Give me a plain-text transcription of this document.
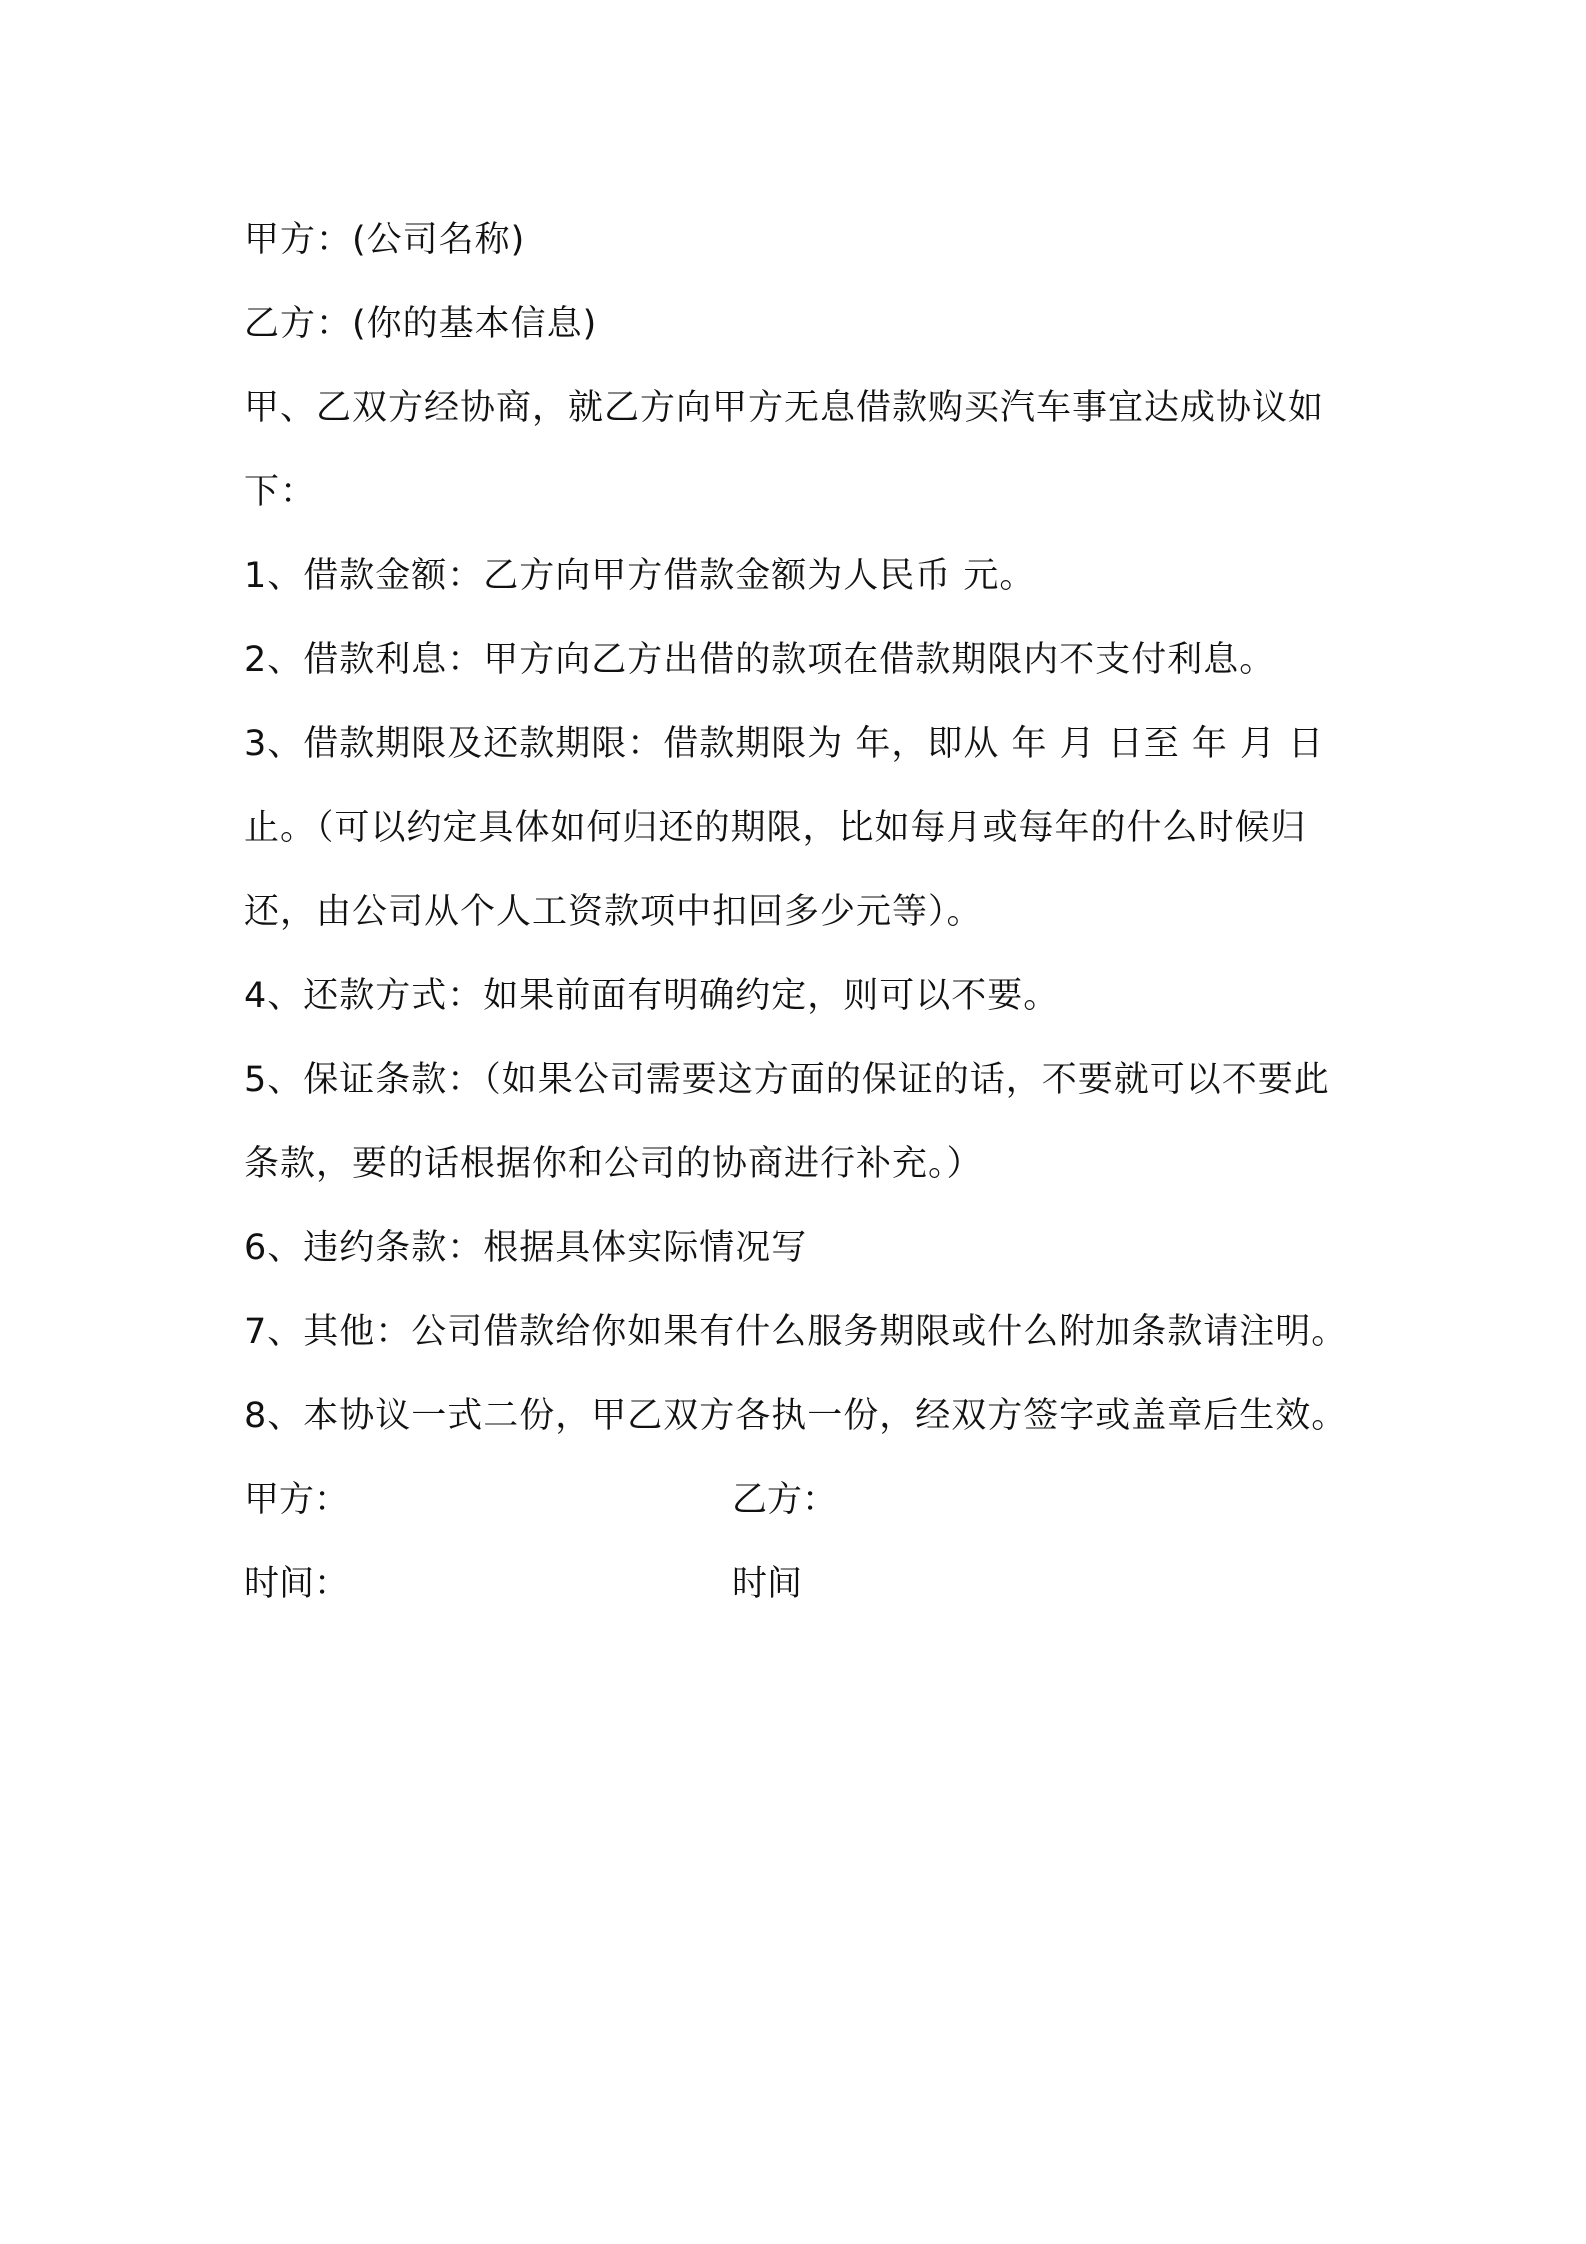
甲方：(公司名称)
乙方：(你的基本信息)
甲、乙双方经协商，就乙方向甲方无息借款购买汽车事宜达成协议如下：
1、借款金额：乙方向甲方借款金额为人民币 元。
2、借款利息：甲方向乙方出借的款项在借款期限内不支付利息。
3、借款期限及还款期限：借款期限为 年，即从 年 月 日至 年 月 日止。（可以约定具体如何归还的期限，比如每月或每年的什么时候归还，由公司从个人工资款项中扣回多少元等）。
4、还款方式：如果前面有明确约定，则可以不要。
5、保证条款：（如果公司需要这方面的保证的话，不要就可以不要此条款，要的话根据你和公司的协商进行补充。）
6、违约条款：根据具体实际情况写
7、其他：公司借款给你如果有什么服务期限或什么附加条款请注明。
8、本协议一式二份，甲乙双方各执一份，经双方签字或盖章后生效。
甲方：	乙方：
时间：	时间
